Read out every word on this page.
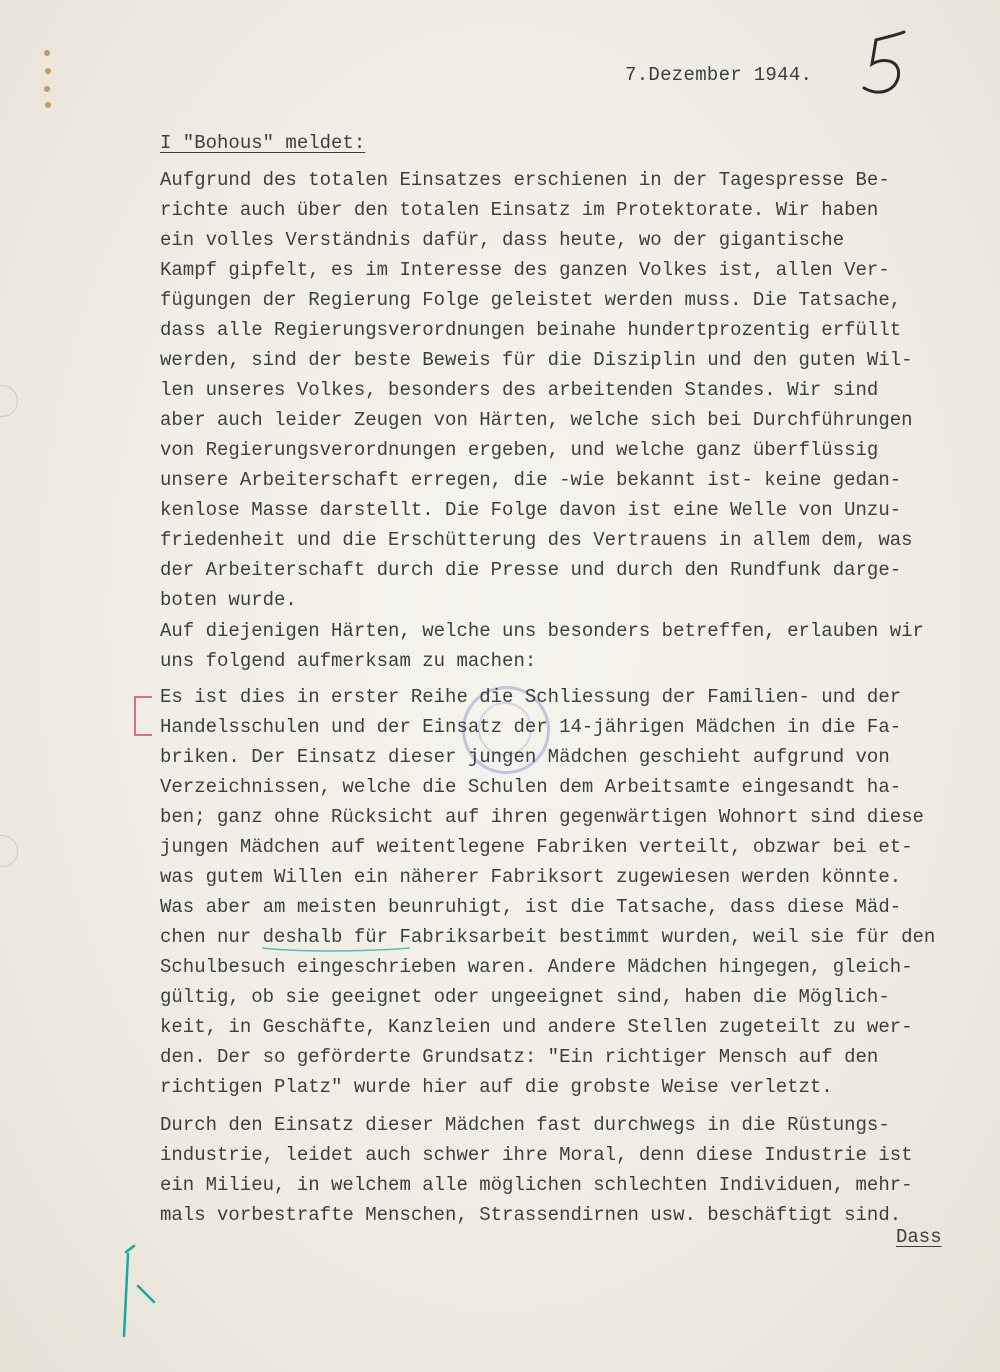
7.Dezember 1944.
I "Bohous" meldet:
Aufgrund des totalen Einsatzes erschienen in der Tagespresse Be-
richte auch über den totalen Einsatz im Protektorate. Wir haben
ein volles Verständnis dafür, dass heute, wo der gigantische
Kampf gipfelt, es im Interesse des ganzen Volkes ist, allen Ver-
fügungen der Regierung Folge geleistet werden muss. Die Tatsache,
dass alle Regierungsverordnungen beinahe hundertprozentig erfüllt
werden, sind der beste Beweis für die Disziplin und den guten Wil-
len unseres Volkes, besonders des arbeitenden Standes. Wir sind
aber auch leider Zeugen von Härten, welche sich bei Durchführungen
von Regierungsverordnungen ergeben, und welche ganz überflüssig
unsere Arbeiterschaft erregen, die -wie bekannt ist- keine gedan-
kenlose Masse darstellt. Die Folge davon ist eine Welle von Unzu-
friedenheit und die Erschütterung des Vertrauens in allem dem, was
der Arbeiterschaft durch die Presse und durch den Rundfunk darge-
boten wurde.
Auf diejenigen Härten, welche uns besonders betreffen, erlauben wir
uns folgend aufmerksam zu machen:
Es ist dies in erster Reihe die Schliessung der Familien- und der
Handelsschulen und der Einsatz der 14-jährigen Mädchen in die Fa-
briken. Der Einsatz dieser jungen Mädchen geschieht aufgrund von
Verzeichnissen, welche die Schulen dem Arbeitsamte eingesandt ha-
ben; ganz ohne Rücksicht auf ihren gegenwärtigen Wohnort sind diese
jungen Mädchen auf weitentlegene Fabriken verteilt, obzwar bei et-
was gutem Willen ein näherer Fabriksort zugewiesen werden könnte.
Was aber am meisten beunruhigt, ist die Tatsache, dass diese Mäd-
chen nur deshalb für Fabriksarbeit bestimmt wurden, weil sie für den
Schulbesuch eingeschrieben waren. Andere Mädchen hingegen, gleich-
gültig, ob sie geeignet oder ungeeignet sind, haben die Möglich-
keit, in Geschäfte, Kanzleien und andere Stellen zugeteilt zu wer-
den. Der so geförderte Grundsatz: "Ein richtiger Mensch auf den
richtigen Platz" wurde hier auf die grobste Weise verletzt.
Durch den Einsatz dieser Mädchen fast durchwegs in die Rüstungs-
industrie, leidet auch schwer ihre Moral, denn diese Industrie ist
ein Milieu, in welchem alle möglichen schlechten Individuen, mehr-
mals vorbestrafte Menschen, Strassendirnen usw. beschäftigt sind.
Dass
